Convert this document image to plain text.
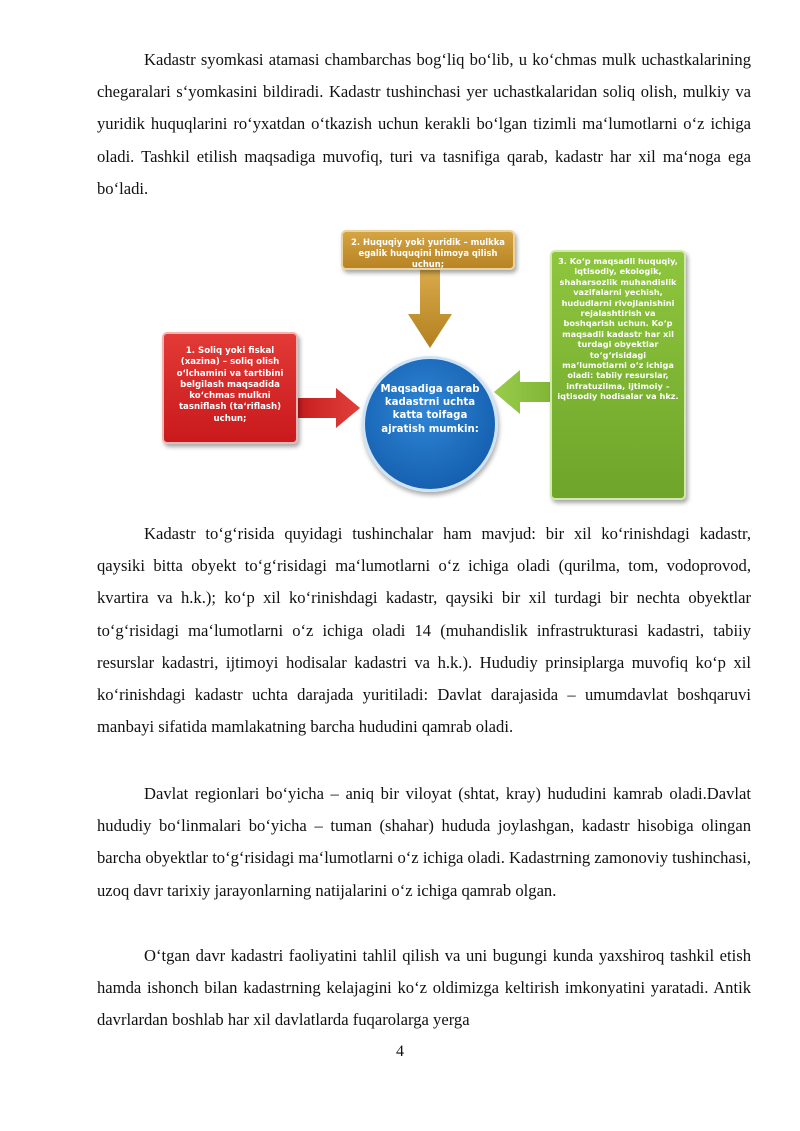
Kadastr syomkasi atamasi chambarchas bog‘liq bo‘lib, u ko‘chmas mulk uchastkalarining chegaralari s‘yomkasini bildiradi. Kadastr tushinchasi yer uchastkalaridan soliq olish, mulkiy va yuridik huquqlarini ro‘yxatdan o‘tkazish uchun kerakli bo‘lgan tizimli ma‘lumotlarni o‘z ichiga oladi. Tashkil etilish maqsadiga muvofiq, turi va tasnifiga qarab, kadastr har xil ma‘noga ega bo‘ladi.

1. Soliq yoki fiskal (xazina) – soliq olish o‘lchamini va tartibini belgilash maqsadida ko‘chmas mulkni tasniflash (ta‘riflash) uchun;
2. Huquqiy yoki yuridik – mulkka egalik huquqini himoya qilish uchun;	3. Ko‘p maqsadli huquqiy, iqtisodiy, ekologik, shaharsozlik muhandislik vazifalarni yechish, hududlarni rivojlanishini rejalashtirish va boshqarish uchun. Ko‘p maqsadli kadastr har xil turdagi obyektlar to‘g‘risidagi ma‘lumotlarni o‘z ichiga oladi: tabiiy resurslar, infratuzilma, ijtimoiy – iqtisodiy hodisalar va hkz.
Maqsadiga qarab kadastrni uchta katta toifaga ajratish mumkin:

Kadastr to‘g‘risida quyidagi tushinchalar ham mavjud: bir xil ko‘rinishdagi kadastr, qaysiki bitta obyekt to‘g‘risidagi ma‘lumotlarni o‘z ichiga oladi (qurilma, tom, vodoprovod, kvartira va h.k.); ko‘p xil ko‘rinishdagi kadastr, qaysiki bir xil turdagi bir nechta obyektlar to‘g‘risidagi ma‘lumotlarni o‘z ichiga oladi 14 (muhandislik infrastrukturasi kadastri, tabiiy resurslar kadastri, ijtimoyi hodisalar kadastri va h.k.). Hududiy prinsiplarga muvofiq ko‘p xil ko‘rinishdagi kadastr uchta darajada yuritiladi: Davlat darajasida – umumdavlat boshqaruvi manbayi sifatida mamlakatning barcha hududini qamrab oladi.

Davlat regionlari bo‘yicha – aniq bir viloyat (shtat, kray) hududini kamrab oladi.Davlat hududiy bo‘linmalari bo‘yicha – tuman (shahar) hududa joylashgan, kadastr hisobiga olingan barcha obyektlar to‘g‘risidagi ma‘lumotlarni o‘z ichiga oladi. Kadastrning zamonoviy tushinchasi, uzoq davr tarixiy jarayonlarning natijalarini o‘z ichiga qamrab olgan.

O‘tgan davr kadastri faoliyatini tahlil qilish va uni bugungi kunda yaxshiroq tashkil etish hamda ishonch bilan kadastrning kelajagini ko‘z oldimizga keltirish imkonyatini yaratadi. Antik davrlardan boshlab har xil davlatlarda fuqarolarga yerga

4
